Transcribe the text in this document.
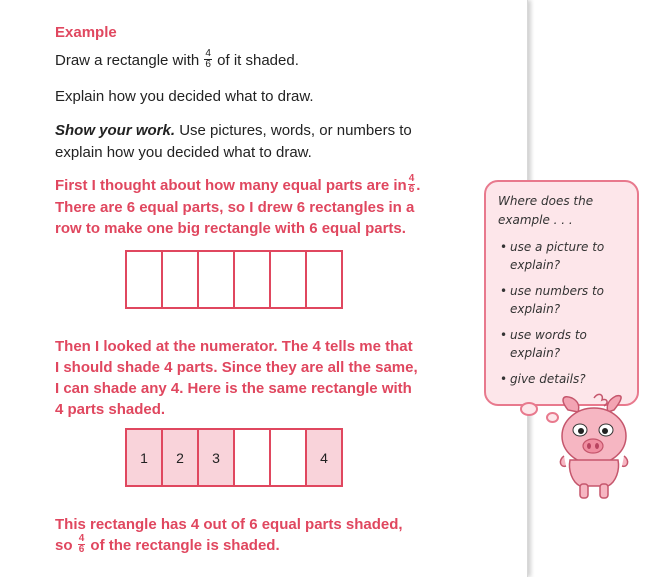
Example
Draw a rectangle with $\frac{4}{6}$ of it shaded.
Explain how you decided what to draw.
Show your work. Use pictures, words, or numbers to
explain how you decided what to draw.
First I thought about how many equal parts are in $\frac{4}{6}$ .
There are 6 equal parts, so I drew 6 rectangles in a
row to make one big rectangle with 6 equal parts.
Then I looked at the numerator. The 4 tells me that
I should shade 4 parts. Since they are all the same,
I can shade any 4. Here is the same rectangle with
4 parts shaded.
1	2	3	4
This rectangle has 4 out of 6 equal parts shaded,
so $\frac{4}{6}$ of the rectangle is shaded.
Where does the
example . . .
• use a picture to
explain?
• use numbers to
explain?
• use words to
explain?
• give details?
